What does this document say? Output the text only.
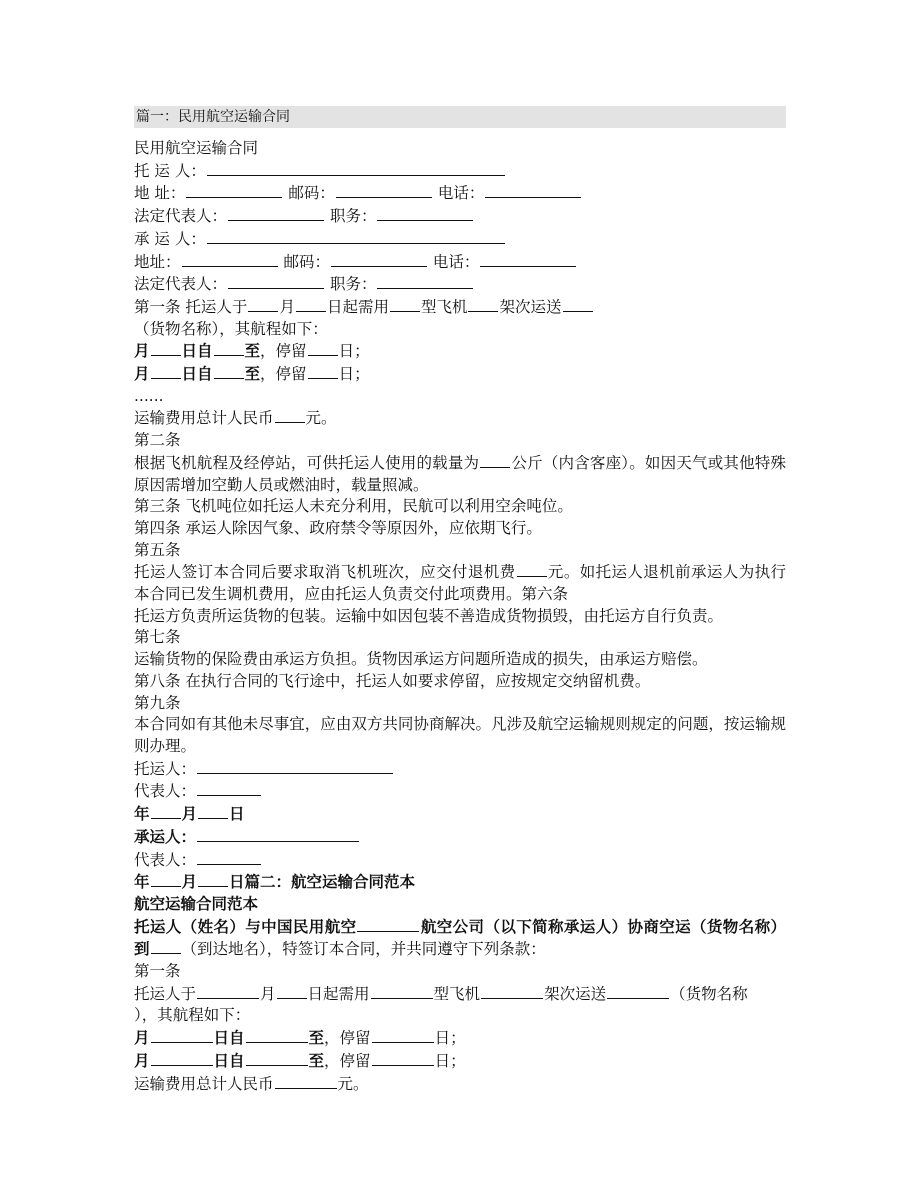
篇一：民用航空运输合同
民用航空运输合同
托 运 人：
地 址：	邮码：	电话：
法定代表人：	职务：
承 运 人：
地址：	邮码：	电话：
法定代表人：	职务：
第一条 托运人于 月 日起需用 型飞机 架次运送
（货物名称），其航程如下：
月 日自 至，停留 日；
月 日自 至，停留 日；
......
运输费用总计人民币 元。
第二条
根据飞机航程及经停站，可供托运人使用的载量为 公斤（内含客座）。如因天气或其他特殊原因需增加空勤人员或燃油时，载量照减。
第三条 飞机吨位如托运人未充分利用，民航可以利用空余吨位。
第四条 承运人除因气象、政府禁令等原因外，应依期飞行。
第五条
托运人签订本合同后要求取消飞机班次，应交付退机费 元。如托运人退机前承运人为执行本合同已发生调机费用，应由托运人负责交付此项费用。第六条
托运方负责所运货物的包装。运输中如因包装不善造成货物损毁，由托运方自行负责。
第七条
运输货物的保险费由承运方负担。货物因承运方问题所造成的损失，由承运方赔偿。
第八条 在执行合同的飞行途中，托运人如要求停留，应按规定交纳留机费。
第九条
本合同如有其他未尽事宜，应由双方共同协商解决。凡涉及航空运输规则规定的问题，按运输规则办理。
托运人：
代表人：
年 月 日
承运人：
代表人：
年 月 日篇二：航空运输合同范本
航空运输合同范本
托运人（姓名）与中国民用航空	航空公司（以下简称承运人）协商空运（货物名称）到 （到达地名），特签订本合同，并共同遵守下列条款：
第一条
托运人于	月 日起需用	型飞机	架次运送	（货物名称
），其航程如下：
月	日自	至，停留	日；
月	日自	至，停留	日；
运输费用总计人民币	元。
